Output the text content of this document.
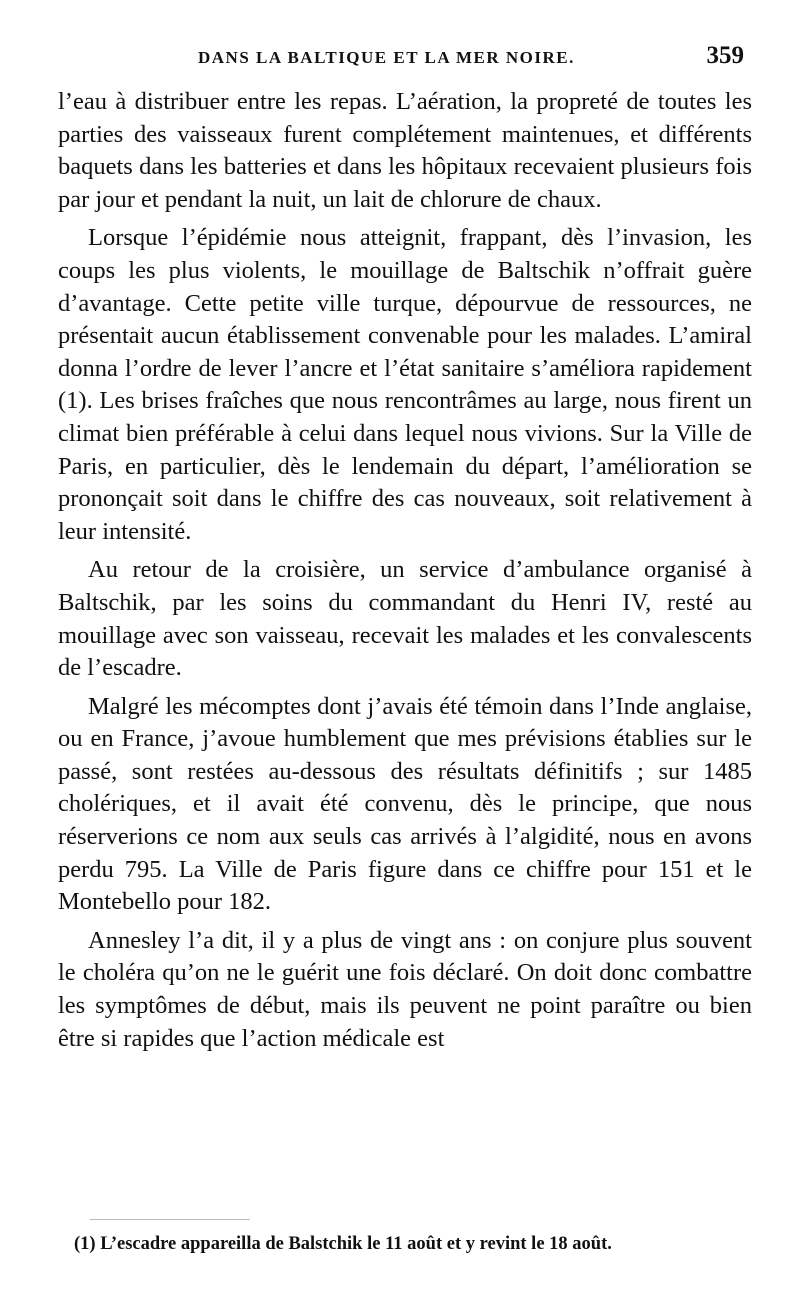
DANS LA BALTIQUE ET LA MER NOIRE.	359

l’eau à distribuer entre les repas. L’aération, la propreté de toutes les parties des vaisseaux furent complétement maintenues, et différents baquets dans les batteries et dans les hôpitaux recevaient plusieurs fois par jour et pendant la nuit, un lait de chlorure de chaux.

Lorsque l’épidémie nous atteignit, frappant, dès l’invasion, les coups les plus violents, le mouillage de Baltschik n’offrait guère d’avantage. Cette petite ville turque, dépourvue de ressources, ne présentait aucun établissement convenable pour les malades. L’amiral donna l’ordre de lever l’ancre et l’état sanitaire s’améliora rapidement (1). Les brises fraîches que nous rencontrâmes au large, nous firent un climat bien préférable à celui dans lequel nous vivions. Sur la Ville de Paris, en particulier, dès le lendemain du départ, l’amélioration se prononçait soit dans le chiffre des cas nouveaux, soit relativement à leur intensité.

Au retour de la croisière, un service d’ambulance organisé à Baltschik, par les soins du commandant du Henri IV, resté au mouillage avec son vaisseau, recevait les malades et les convalescents de l’escadre.

Malgré les mécomptes dont j’avais été témoin dans l’Inde anglaise, ou en France, j’avoue humblement que mes prévisions établies sur le passé, sont restées au-dessous des résultats définitifs ; sur 1485 cholériques, et il avait été convenu, dès le principe, que nous réserverions ce nom aux seuls cas arrivés à l’algidité, nous en avons perdu 795. La Ville de Paris figure dans ce chiffre pour 151 et le Montebello pour 182.

Annesley l’a dit, il y a plus de vingt ans : on conjure plus souvent le choléra qu’on ne le guérit une fois déclaré. On doit donc combattre les symptômes de début, mais ils peuvent ne point paraître ou bien être si rapides que l’action médicale est

(1) L’escadre appareilla de Balstchik le 11 août et y revint le 18 août.
